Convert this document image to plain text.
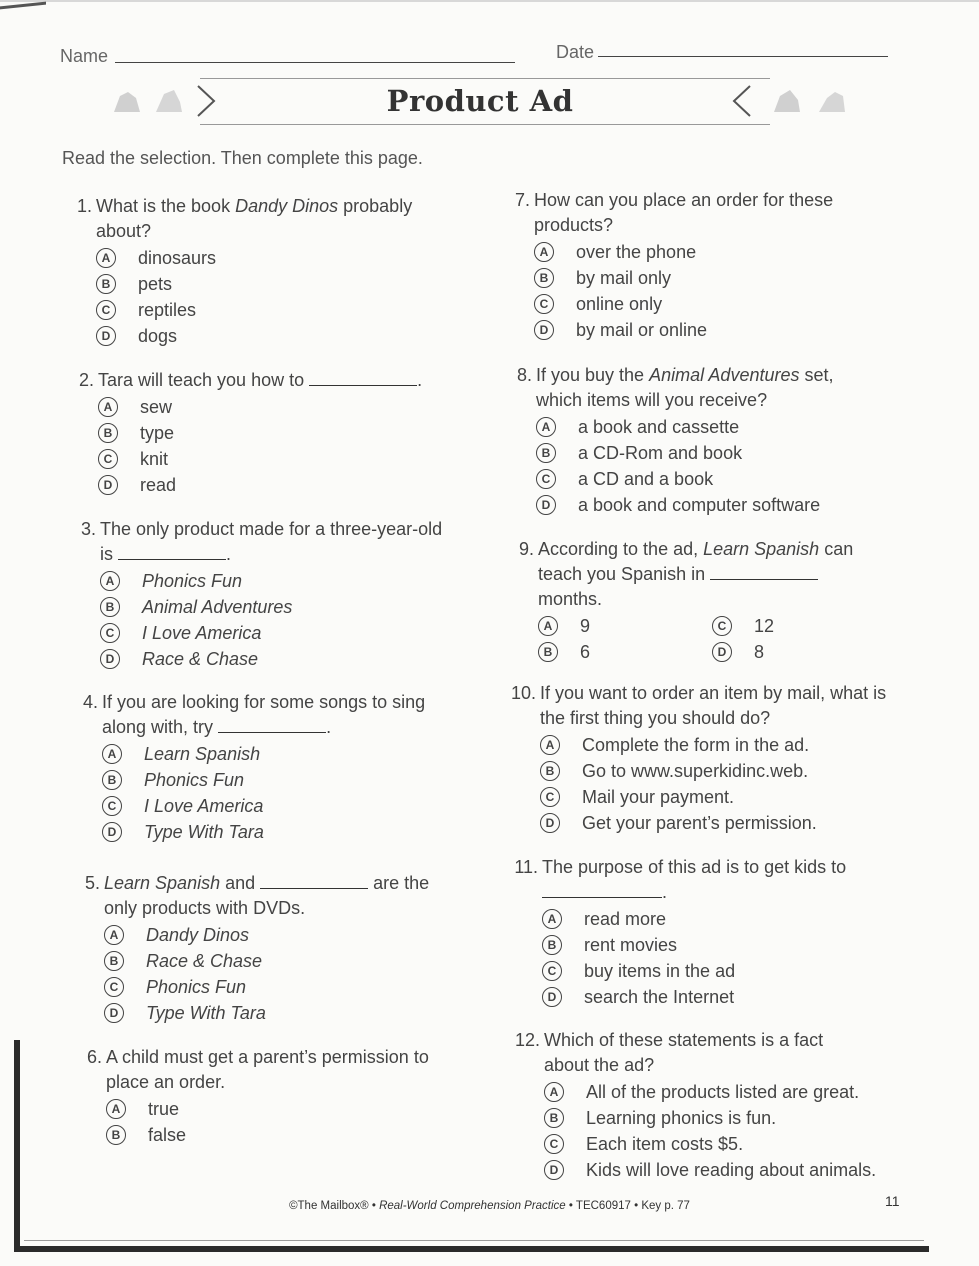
Name	Date
Product Ad
Read the selection. Then complete this page.
1. What is the book Dandy Dinos probably about?
A	dinosaurs
B	pets
C	reptiles
D	dogs
2. Tara will teach you how to	.
A	sew
B	type
C	knit
D	read
3. The only product made for a three-year-old is	.
A	Phonics Fun
B	Animal Adventures
C	I Love America
D	Race & Chase
4. If you are looking for some songs to sing along with, try	.
A	Learn Spanish
B	Phonics Fun
C	I Love America
D	Type With Tara
5. Learn Spanish and	are the only products with DVDs.
A	Dandy Dinos
B	Race & Chase
C	Phonics Fun
D	Type With Tara
6. A child must get a parent’s permission to place an order.
A	true
B	false
7. How can you place an order for these products?
A	over the phone
B	by mail only
C	online only
D	by mail or online
8. If you buy the Animal Adventures set, which items will you receive?
A	a book and cassette
B	a CD-Rom and book
C	a CD and a book
D	a book and computer software
9. According to the ad, Learn Spanish can teach you Spanish in  months.
A	9	C	12
B	6	D	8
10. If you want to order an item by mail, what is the first thing you should do?
A	Complete the form in the ad.
B	Go to www.superkidinc.web.
C	Mail your payment.
D	Get your parent’s permission.
11. The purpose of this ad is to get kids to .
A	read more
B	rent movies
C	buy items in the ad
D	search the Internet
12. Which of these statements is a fact about the ad?
A	All of the products listed are great.
B	Learning phonics is fun.
C	Each item costs $5.
D	Kids will love reading about animals.
©The Mailbox® • Real-World Comprehension Practice • TEC60917 • Key p. 77	11
